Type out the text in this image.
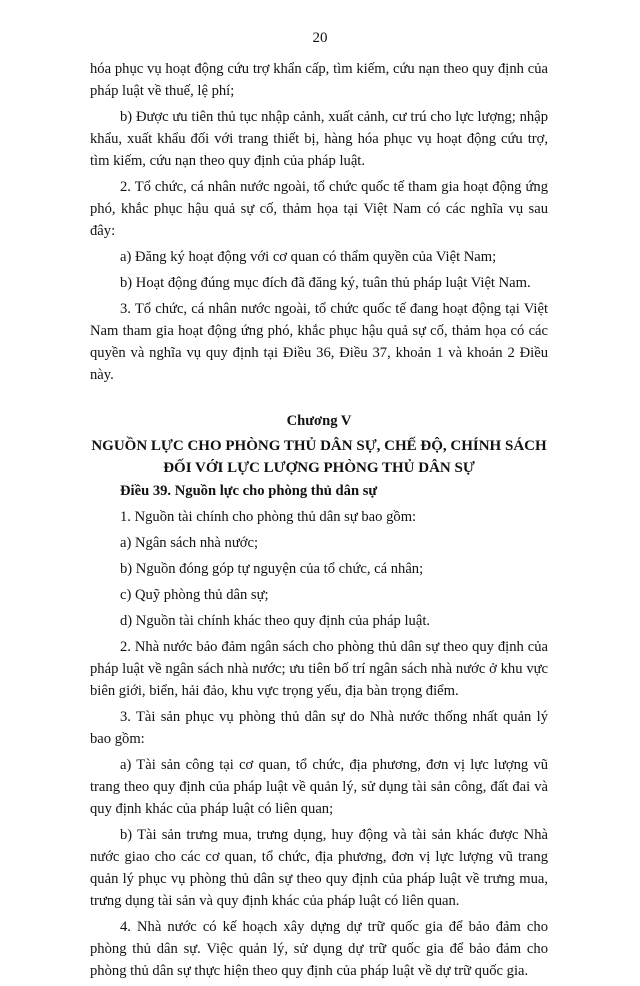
20

hóa phục vụ hoạt động cứu trợ khẩn cấp, tìm kiếm, cứu nạn theo quy định của pháp luật về thuế, lệ phí;

b) Được ưu tiên thủ tục nhập cảnh, xuất cảnh, cư trú cho lực lượng; nhập khẩu, xuất khẩu đối với trang thiết bị, hàng hóa phục vụ hoạt động cứu trợ, tìm kiếm, cứu nạn theo quy định của pháp luật.

2. Tổ chức, cá nhân nước ngoài, tổ chức quốc tế tham gia hoạt động ứng phó, khắc phục hậu quả sự cố, thảm họa tại Việt Nam có các nghĩa vụ sau đây:

a) Đăng ký hoạt động với cơ quan có thẩm quyền của Việt Nam;

b) Hoạt động đúng mục đích đã đăng ký, tuân thủ pháp luật Việt Nam.

3. Tổ chức, cá nhân nước ngoài, tổ chức quốc tế đang hoạt động tại Việt Nam tham gia hoạt động ứng phó, khắc phục hậu quả sự cố, thảm họa có các quyền và nghĩa vụ quy định tại Điều 36, Điều 37, khoản 1 và khoản 2 Điều này.

Chương V

NGUỒN LỰC CHO PHÒNG THỦ DÂN SỰ, CHẾ ĐỘ, CHÍNH SÁCH

ĐỐI VỚI LỰC LƯỢNG PHÒNG THỦ DÂN SỰ

Điều 39. Nguồn lực cho phòng thủ dân sự

1. Nguồn tài chính cho phòng thủ dân sự bao gồm:

a) Ngân sách nhà nước;

b) Nguồn đóng góp tự nguyện của tổ chức, cá nhân;

c) Quỹ phòng thủ dân sự;

d) Nguồn tài chính khác theo quy định của pháp luật.

2. Nhà nước bảo đảm ngân sách cho phòng thủ dân sự theo quy định của pháp luật về ngân sách nhà nước; ưu tiên bố trí ngân sách nhà nước ở khu vực biên giới, biển, hải đảo, khu vực trọng yếu, địa bàn trọng điểm.

3. Tài sản phục vụ phòng thủ dân sự do Nhà nước thống nhất quản lý bao gồm:

a) Tài sản công tại cơ quan, tổ chức, địa phương, đơn vị lực lượng vũ trang theo quy định của pháp luật về quản lý, sử dụng tài sản công, đất đai và quy định khác của pháp luật có liên quan;

b) Tài sản trưng mua, trưng dụng, huy động và tài sản khác được Nhà nước giao cho các cơ quan, tổ chức, địa phương, đơn vị lực lượng vũ trang quản lý phục vụ phòng thủ dân sự theo quy định của pháp luật về trưng mua, trưng dụng tài sản và quy định khác của pháp luật có liên quan.

4. Nhà nước có kế hoạch xây dựng dự trữ quốc gia để bảo đảm cho phòng thủ dân sự. Việc quản lý, sử dụng dự trữ quốc gia để bảo đảm cho phòng thủ dân sự thực hiện theo quy định của pháp luật về dự trữ quốc gia.
